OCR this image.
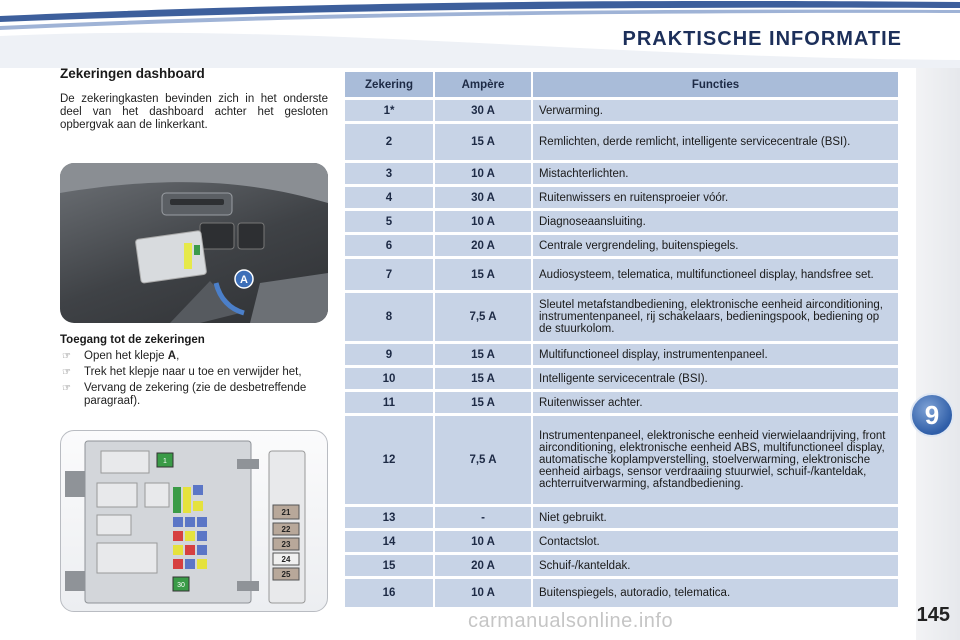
PRAKTISCHE INFORMATIE
9
145
carmanualsonline.info
Zekeringen dashboard
De zekeringkasten bevinden zich in het onderste deel van het dashboard achter het gesloten opbergvak aan de linkerkant.
A
Toegang tot de zekeringen
☞ Open het klepje A,
☞ Trek het klepje naar u toe en verwijder het,
☞ Vervang de zekering (zie de desbetreffende paragraaf).
1
30
21
22
23
24
25
Zekering	Ampère	Functies
1*	30 A	Verwarming.
2	15 A	Remlichten, derde remlicht, intelligente servicecentrale (BSI).
3	10 A	Mistachterlichten.
4	30 A	Ruitenwissers en ruitensproeier vóór.
5	10 A	Diagnoseaansluiting.
6	20 A	Centrale vergrendeling, buitenspiegels.
7	15 A	Audiosysteem, telematica, multifunctioneel display, handsfree set.
8	7,5 A	Sleutel metafstandbediening, elektronische eenheid airconditioning, instrumentenpaneel, rij schakelaars, bedieningspook, bediening op de stuurkolom.
9	15 A	Multifunctioneel display, instrumentenpaneel.
10	15 A	Intelligente servicecentrale (BSI).
11	15 A	Ruitenwisser achter.
12	7,5 A	Instrumentenpaneel, elektronische eenheid vierwielaandrijving, front airconditioning, elektronische eenheid ABS, multifunctioneel display, automatische koplampverstelling, stoelverwarming, elektronische eenheid airbags, sensor verdraaiing stuurwiel, schuif-/kanteldak, achterruitverwarming, afstandbediening.
13	-	Niet gebruikt.
14	10 A	Contactslot.
15	20 A	Schuif-/kanteldak.
16	10 A	Buitenspiegels, autoradio, telematica.
